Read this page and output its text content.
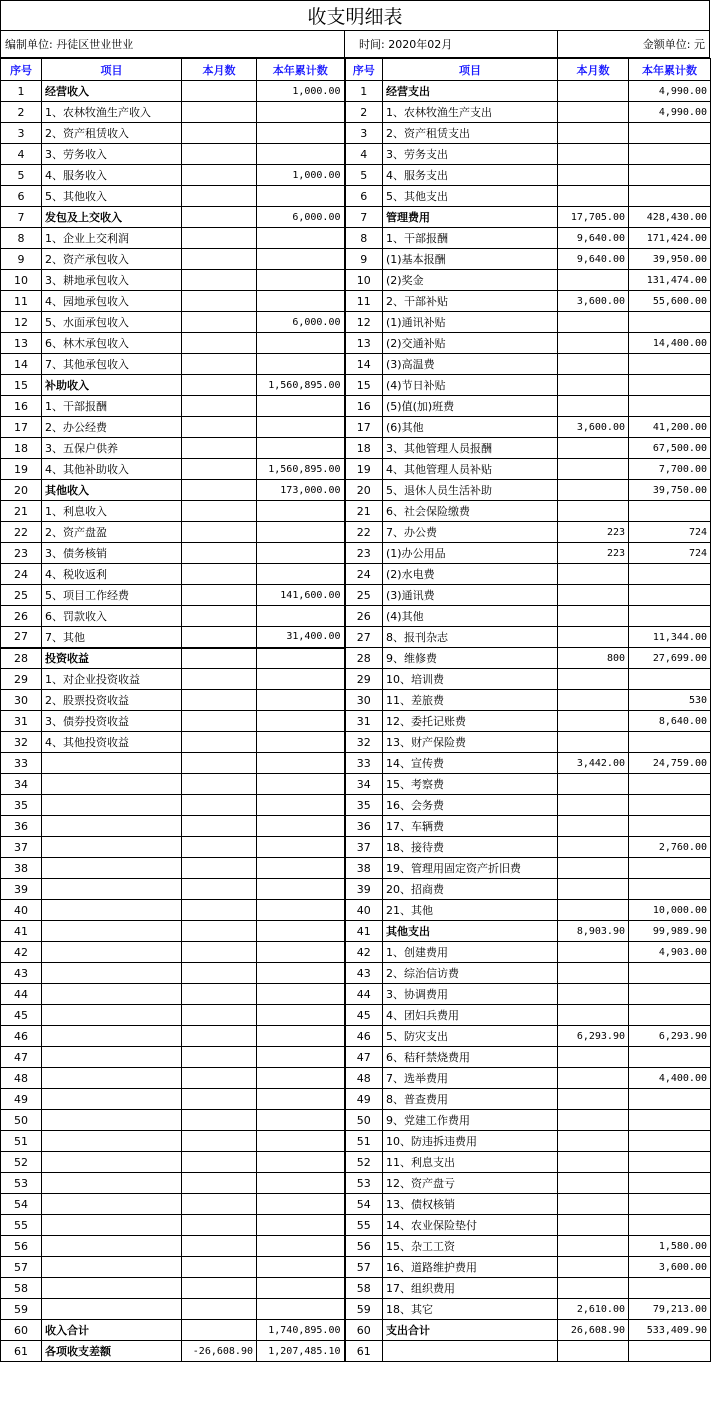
收支明细表
编制单位: 丹徒区世业世业	时间: 2020年02月	金额单位: 元
序号	项目	本月数	本年累计数	序号	项目	本月数	本年累计数
1	经营收入		1,000.00	1	经营支出		4,990.00
2	1、农林牧渔生产收入			2	1、农林牧渔生产支出		4,990.00
3	2、资产租赁收入			3	2、资产租赁支出		
4	3、劳务收入			4	3、劳务支出		
5	4、服务收入		1,000.00	5	4、服务支出		
6	5、其他收入			6	5、其他支出		
7	发包及上交收入		6,000.00	7	管理费用	17,705.00	428,430.00
8	1、企业上交利润			8	1、干部报酬	9,640.00	171,424.00
9	2、资产承包收入			9	(1)基本报酬	9,640.00	39,950.00
10	3、耕地承包收入			10	(2)奖金		131,474.00
11	4、园地承包收入			11	2、干部补贴	3,600.00	55,600.00
12	5、水面承包收入		6,000.00	12	(1)通讯补贴		
13	6、林木承包收入			13	(2)交通补贴		14,400.00
14	7、其他承包收入			14	(3)高温费		
15	补助收入		1,560,895.00	15	(4)节日补贴		
16	1、干部报酬			16	(5)值(加)班费		
17	2、办公经费			17	(6)其他	3,600.00	41,200.00
18	3、五保户供养			18	3、其他管理人员报酬		67,500.00
19	4、其他补助收入		1,560,895.00	19	4、其他管理人员补贴		7,700.00
20	其他收入		173,000.00	20	5、退休人员生活补助		39,750.00
21	1、利息收入			21	6、社会保险缴费		
22	2、资产盘盈			22	7、办公费	223	724
23	3、债务核销			23	(1)办公用品	223	724
24	4、税收返利			24	(2)水电费		
25	5、项目工作经费		141,600.00	25	(3)通讯费		
26	6、罚款收入			26	(4)其他		
27	7、其他		31,400.00	27	8、报刊杂志		11,344.00
28	投资收益			28	9、维修费	800	27,699.00
29	1、对企业投资收益			29	10、培训费		
30	2、股票投资收益			30	11、差旅费		530
31	3、债券投资收益			31	12、委托记账费		8,640.00
32	4、其他投资收益			32	13、财产保险费		
33				33	14、宣传费	3,442.00	24,759.00
34				34	15、考察费		
35				35	16、会务费		
36				36	17、车辆费		
37				37	18、接待费		2,760.00
38				38	19、管理用固定资产折旧费		
39				39	20、招商费		
40				40	21、其他		10,000.00
41				41	其他支出	8,903.90	99,989.90
42				42	1、创建费用		4,903.00
43				43	2、综治信访费		
44				44	3、协调费用		
45				45	4、团妇兵费用		
46				46	5、防灾支出	6,293.90	6,293.90
47				47	6、秸秆禁烧费用		
48				48	7、选举费用		4,400.00
49				49	8、普查费用		
50				50	9、党建工作费用		
51				51	10、防违拆违费用		
52				52	11、利息支出		
53				53	12、资产盘亏		
54				54	13、债权核销		
55				55	14、农业保险垫付		
56				56	15、杂工工资		1,580.00
57				57	16、道路维护费用		3,600.00
58				58	17、组织费用		
59				59	18、其它	2,610.00	79,213.00
60	收入合计		1,740,895.00	60	支出合计	26,608.90	533,409.90
61	各项收支差额	-26,608.90	1,207,485.10	61			
